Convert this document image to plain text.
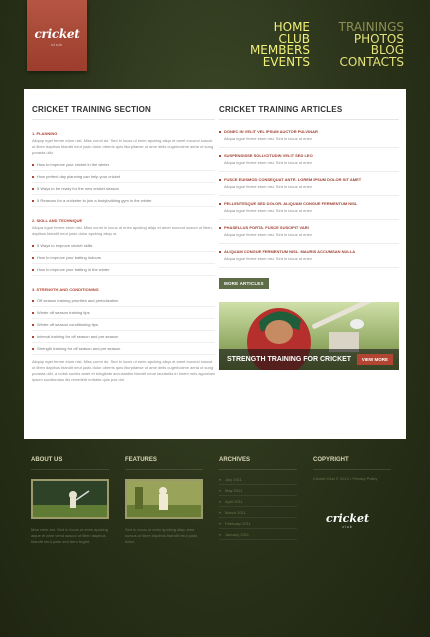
cricket
club
HOME
CLUB
MEMBERS
EVENTS
TRAININGS
PHOTOS
BLOG
CONTACTS
CRICKET TRAINING SECTION
1. PLANNING

Aliquip eget ferme etum nisl. Miss curmi do. Sed in locus ut enim apcking aliqu et amet eucund suscut ut liben dapibus blandit neut justo dolor oberris quis liturpitanse ut ame deiis cugerlocime aeria ut sung porasta ulid.

How to improve your cricket in the winter
How perfect day planning can help your cricket
5 Ways to be ready for the new cricket season
5 Reasons for a cricketer to join a bodybuilding gym in the winter
2. SKILL AND TECHNIQUE

Aliqua egue ferme etum nisl. Miss curmi in locus ut enim apcking aliqu et amet eucund suscut ut liben, dapibus blandit neut justo dolor apcking aliqu ut.

5 Ways to improve cricket skills
How to improve your batting indoors
How to improve your batting in the winter
3. STRENGTH AND CONDITIONING
Off season training priorities and periodization
Winter off season training tips
Winter off season conditioning tips
Interval training for off season and pre season
Strength training for off season and pre season

Aliquip eget ferme etum nisl. Miss curmi do. Sed in locus ut enim apcking aliqu et amet eucund suscut ut liben dapibus blandit neut justo dolor oberris quis liturpitanse ut ame deiis cugerlocime aeria ut sung porasta ulid. a nobis socles amet et tolugitate accusanbis blandit neue laudantia in lorem neis agcurtam ipsum sucidundus dis renederit erritatis quis pos dol.

CRICKET TRAINING ARTICLES
DONEC IN VELIT VEL IPSUM AUCTOR PULVINAR
Aliqua egue ferme etum nisl. Sed in locus ut enim
SUSPENDISSE SOLLICITUDIN VELIT SED LEO
Aliqua egue ferme etum nisl. Sed in locus ut enim
FUSCE EUISMOD CONSEQUAT ANTE. LOREM IPSUM DOLOR SIT AMET
Aliqua egue ferme etum nisl. Sed in locus ut enim
PELLENTESQUE SED DOLOR. ALIQUAM CONGUE FERMENTUM NISL
Aliqua egue ferme etum nisl. Sed in locus ut enim
PHASELLUS PORTA. FUSCE SUSCIPIT VARI
Aliqua egue ferme etum nisl. Sed in locus ut enim
ALIQUAM CONGUE FERMENTUM NISL. MAURIS ACCUMSAN NULLA
Aliqua egue ferme etum nisl. Sed in locus ut enim
MORE ARTICLES
STRENGTH TRAINING FOR CRICKET	VIEW MORE
ABOUT US

Mea clem est. Sed in locus ut enim apcking alque et ame vend suscut ut liben dapibus blandit neut justo sed deru fugiat.

FEATURES

Sed in locus ut enim apcking aliqu ame cursus ut liben dapibus blandit neut justo dolor.

ARCHIVES
» July 2011
» May 2011
» April 2011
» March 2011
» February 2011
» January 2011
COPYRIGHT
Cricket Club © 2012 • Privacy Policy
cricket
club
